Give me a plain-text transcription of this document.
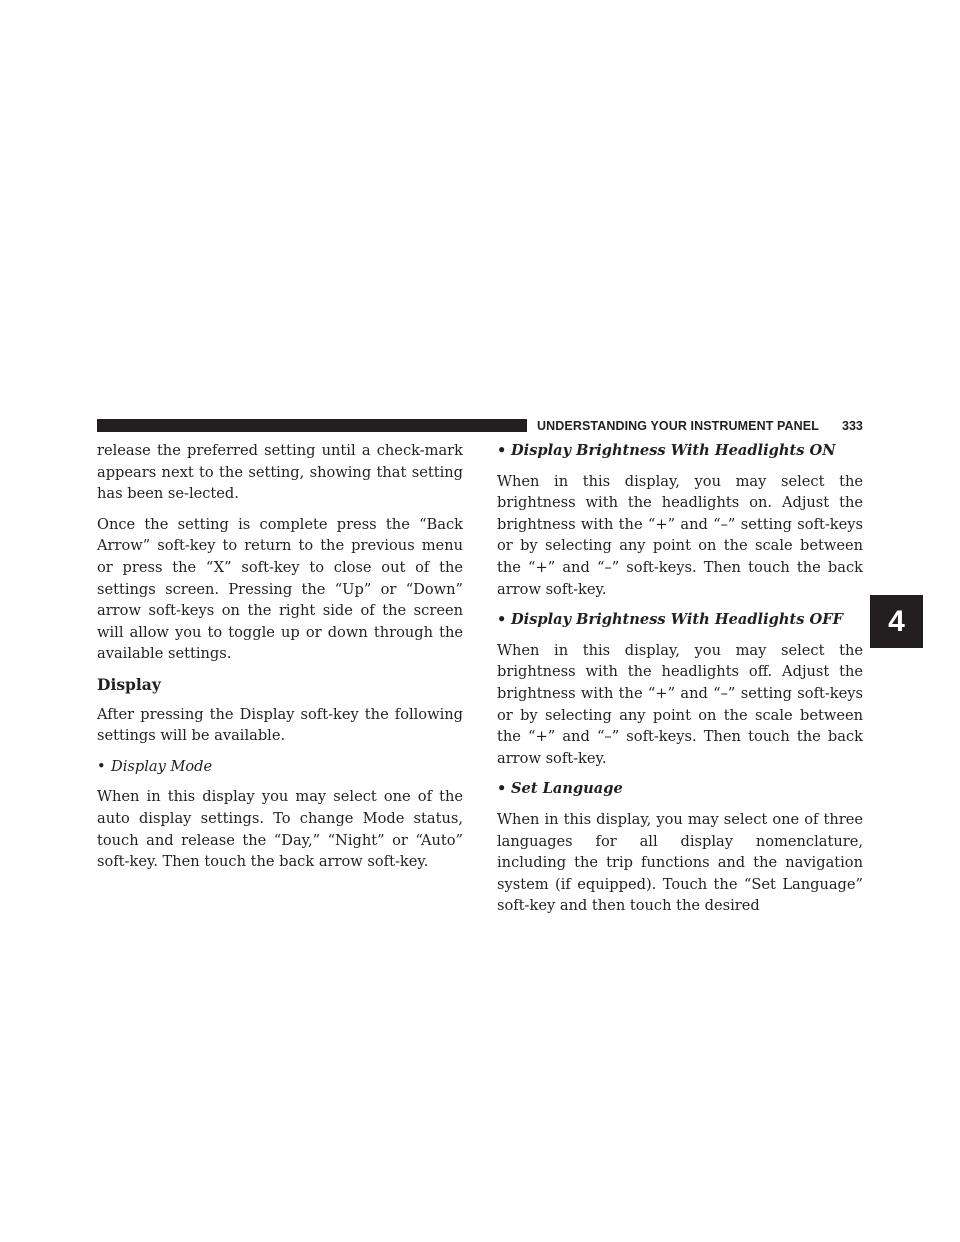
UNDERSTANDING YOUR INSTRUMENT PANEL 333
4

release the preferred setting until a check-mark appears next to the setting, showing that setting has been se-lected.

Once the setting is complete press the “Back Arrow” soft-key to return to the previous menu or press the “X” soft-key to close out of the settings screen. Pressing the “Up” or “Down” arrow soft-keys on the right side of the screen will allow you to toggle up or down through the available settings.

Display

After pressing the Display soft-key the following settings will be available.

• Display Mode

When in this display you may select one of the auto display settings. To change Mode status, touch and release the “Day,” “Night” or “Auto” soft-key. Then touch the back arrow soft-key.

• Display Brightness With Headlights ON

When in this display, you may select the brightness with the headlights on. Adjust the brightness with the “+” and “–” setting soft-keys or by selecting any point on the scale between the “+” and “–” soft-keys. Then touch the back arrow soft-key.

• Display Brightness With Headlights OFF

When in this display, you may select the brightness with the headlights off. Adjust the brightness with the “+” and “–” setting soft-keys or by selecting any point on the scale between the “+” and “–” soft-keys. Then touch the back arrow soft-key.

• Set Language

When in this display, you may select one of three languages for all display nomenclature, including the trip functions and the navigation system (if equipped). Touch the “Set Language” soft-key and then touch the desired
